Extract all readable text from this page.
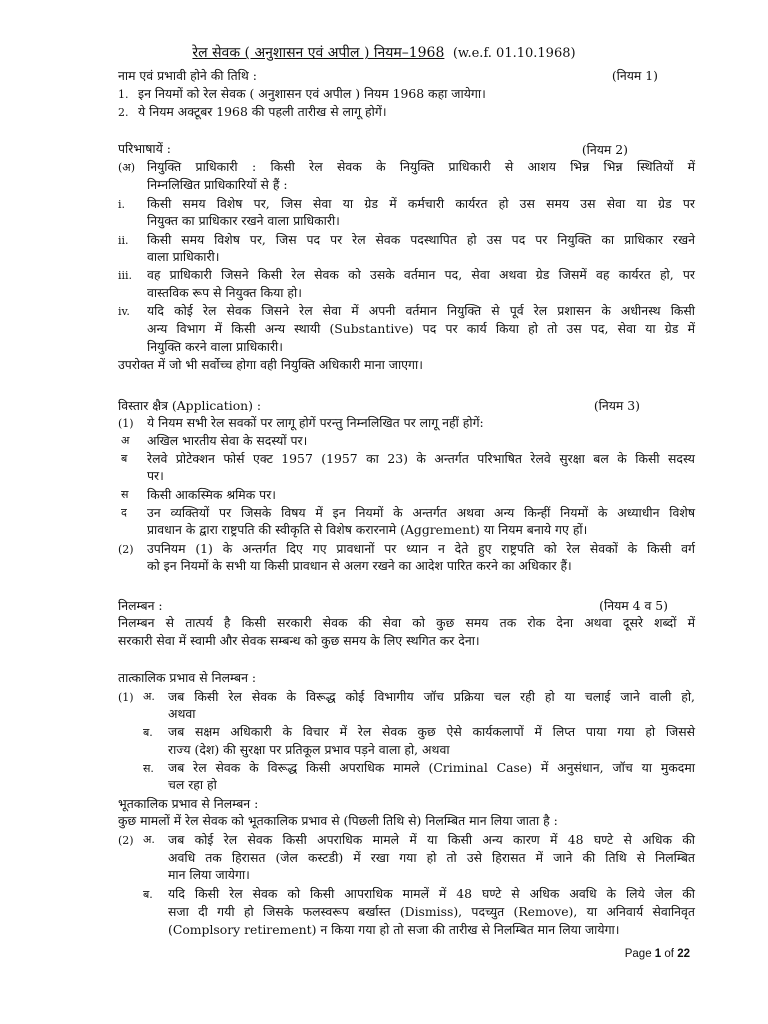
रेल सेवक ( अनुशासन एवं अपील ) नियम–1968 (w.e.f. 01.10.1968)
नाम एवं प्रभावी होने की तिथि :	(नियम 1)
1. इन नियमों को रेल सेवक ( अनुशासन एवं अपील ) नियम 1968 कहा जायेगा।
2. ये नियम अक्टूबर 1968 की पहली तारीख से लागू होगें।
परिभाषायें :	(नियम 2)
(अ) नियुक्ति प्राधिकारी : किसी रेल सेवक के नियुक्ति प्राधिकारी से आशय भिन्न भिन्न स्थितियों में
निम्नलिखित प्राधिकारियों से हैं :
i. किसी समय विशेष पर, जिस सेवा या ग्रेड में कर्मचारी कार्यरत हो उस समय उस सेवा या ग्रेड पर
नियुक्त का प्राधिकार रखने वाला प्राधिकारी।
ii. किसी समय विशेष पर, जिस पद पर रेल सेवक पदस्थापित हो उस पद पर नियुक्ति का प्राधिकार रखने
वाला प्राधिकारी।
iii. वह प्राधिकारी जिसने किसी रेल सेवक को उसके वर्तमान पद, सेवा अथवा ग्रेड जिसमें वह कार्यरत हो, पर
वास्तविक रूप से नियुक्त किया हो।
iv. यदि कोई रेल सेवक जिसने रेल सेवा में अपनी वर्तमान नियुक्ति से पूर्व रेल प्रशासन के अधीनस्थ किसी
अन्य विभाग में किसी अन्य स्थायी (Substantive) पद पर कार्य किया हो तो उस पद, सेवा या ग्रेड में
नियुक्ति करने वाला प्राधिकारी।
उपरोक्त में जो भी सर्वोच्च होगा वही नियुक्ति अधिकारी माना जाएगा।
विस्तार क्षैत्र (Application) :	(नियम 3)
(1) ये नियम सभी रेल सवकों पर लागू होगें परन्तु निम्नलिखित पर लागू नहीं होगें:
अ अखिल भारतीय सेवा के सदस्यों पर।
ब रेलवे प्रोटेक्शन फोर्स एक्ट 1957 (1957 का 23) के अन्तर्गत परिभाषित रेलवे सुरक्षा बल के किसी सदस्य
पर।
स किसी आकस्मिक श्रमिक पर।
द उन व्यक्तियों पर जिसके विषय में इन नियमों के अन्तर्गत अथवा अन्य किन्हीं नियमों के अध्याधीन विशेष
प्रावधान के द्वारा राष्ट्रपति की स्वीकृति से विशेष करारनामे (Aggrement) या नियम बनाये गए हों।
(2) उपनियम (1) के अन्तर्गत दिए गए प्रावधानों पर ध्यान न देते हुए राष्ट्रपति को रेल सेवकों के किसी वर्ग
को इन नियमों के सभी या किसी प्रावधान से अलग रखने का आदेश पारित करने का अधिकार हैं।
निलम्बन :	(नियम 4 व 5)
निलम्बन से तात्पर्य है किसी सरकारी सेवक की सेवा को कुछ समय तक रोक देना अथवा दूसरे शब्दों में
सरकारी सेवा में स्वामी और सेवक सम्बन्ध को कुछ समय के लिए स्थगित कर देना।
तात्कालिक प्रभाव से निलम्बन :
(1) अ. जब किसी रेल सेवक के विरूद्ध कोई विभागीय जॉच प्रक्रिया चल रही हो या चलाई जाने वाली हो,
अथवा
ब. जब सक्षम अधिकारी के विचार में रेल सेवक कुछ ऐसे कार्यकलापों में लिप्त पाया गया हो जिससे
राज्य (देश) की सुरक्षा पर प्रतिकूल प्रभाव पड़ने वाला हो, अथवा
स. जब रेल सेवक के विरूद्ध किसी अपराधिक मामले (Criminal Case) में अनुसंधान, जॉच या मुकदमा
चल रहा हो
भूतकालिक प्रभाव से निलम्बन :
कुछ मामलों में रेल सेवक को भूतकालिक प्रभाव से (पिछली तिथि से) निलम्बित मान लिया जाता है :
(2) अ. जब कोई रेल सेवक किसी अपराधिक मामले में या किसी अन्य कारण में 48 घण्टे से अधिक की
अवधि तक हिरासत (जेल कस्टडी) में रखा गया हो तो उसे हिरासत में जाने की तिथि से निलम्बित
मान लिया जायेगा।
ब. यदि किसी रेल सेवक को किसी आपराधिक मामलें में 48 घण्टे से अधिक अवधि के लिये जेल की
सजा दी गयी हो जिसके फलस्वरूप बर्खास्त (Dismiss), पदच्युत (Remove), या अनिवार्य सेवानिवृत
(Complsory retirement) न किया गया हो तो सजा की तारीख से निलम्बित मान लिया जायेगा।
Page 1 of 22
